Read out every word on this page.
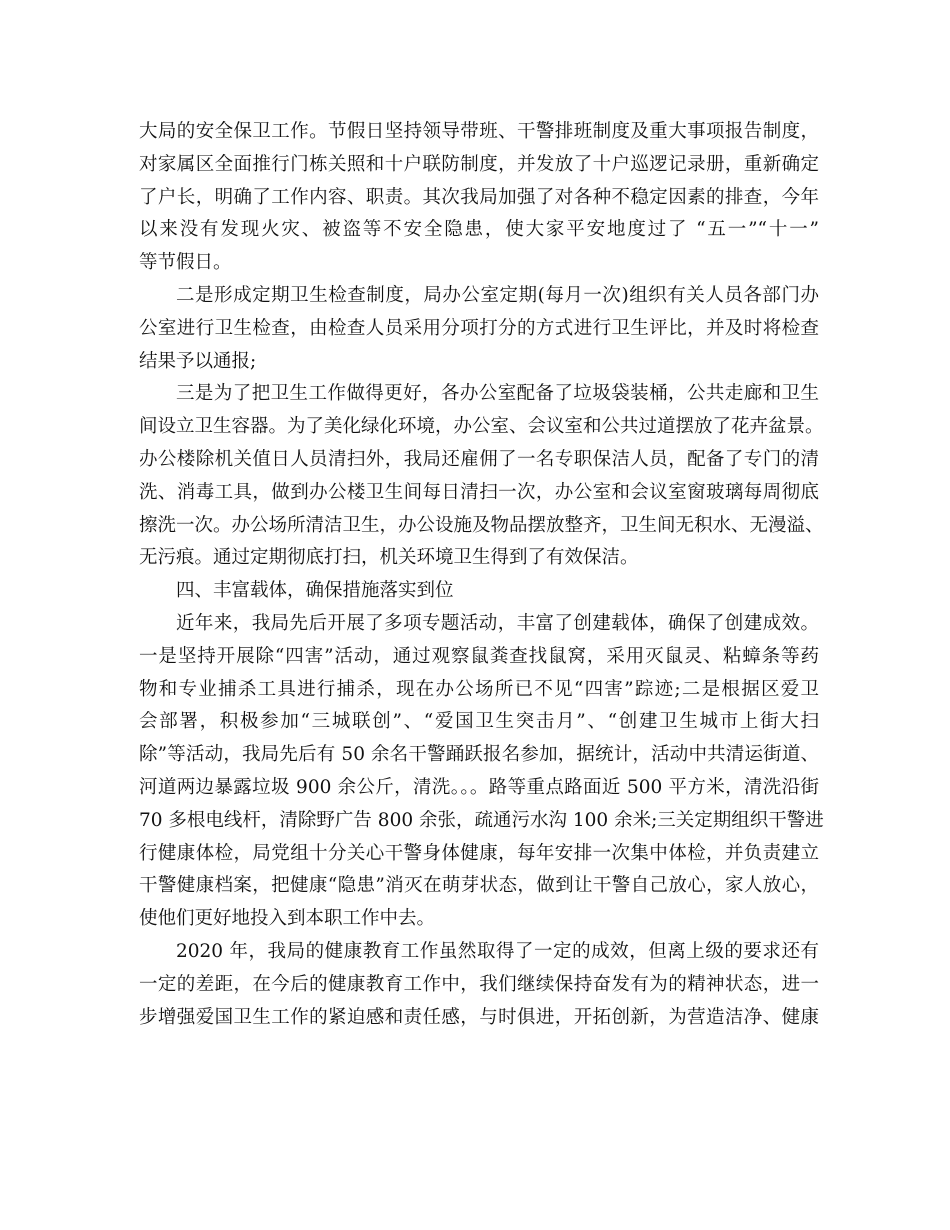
大局的安全保卫工作。节假日坚持领导带班、干警排班制度及重大事项报告制度，
对家属区全面推行门栋关照和十户联防制度，并发放了十户巡逻记录册，重新确定
了户长，明确了工作内容、职责。其次我局加强了对各种不稳定因素的排查，今年
以来没有发现火灾、被盗等不安全隐患，使大家平安地度过了 “五一”“十一”
等节假日。
二是形成定期卫生检查制度，局办公室定期(每月一次)组织有关人员各部门办
公室进行卫生检查，由检查人员采用分项打分的方式进行卫生评比，并及时将检查
结果予以通报;
三是为了把卫生工作做得更好，各办公室配备了垃圾袋装桶，公共走廊和卫生
间设立卫生容器。为了美化绿化环境，办公室、会议室和公共过道摆放了花卉盆景。
办公楼除机关值日人员清扫外，我局还雇佣了一名专职保洁人员，配备了专门的清
洗、消毒工具，做到办公楼卫生间每日清扫一次，办公室和会议室窗玻璃每周彻底
擦洗一次。办公场所清洁卫生，办公设施及物品摆放整齐，卫生间无积水、无漫溢、
无污痕。通过定期彻底打扫，机关环境卫生得到了有效保洁。
四、丰富载体，确保措施落实到位
近年来，我局先后开展了多项专题活动，丰富了创建载体，确保了创建成效。
一是坚持开展除“四害”活动，通过观察鼠粪查找鼠窝，采用灭鼠灵、粘蟑条等药
物和专业捕杀工具进行捕杀，现在办公场所已不见“四害”踪迹;二是根据区爱卫
会部署，积极参加“三城联创”、“爱国卫生突击月”、“创建卫生城市上街大扫
除”等活动，我局先后有 50 余名干警踊跃报名参加，据统计，活动中共清运街道、
河道两边暴露垃圾 900 余公斤，清洗。。。路等重点路面近 500 平方米，清洗沿街
70 多根电线杆，清除野广告 800 余张，疏通污水沟 100 余米;三关定期组织干警进
行健康体检，局党组十分关心干警身体健康，每年安排一次集中体检，并负责建立
干警健康档案，把健康“隐患”消灭在萌芽状态，做到让干警自己放心，家人放心，
使他们更好地投入到本职工作中去。
2020 年，我局的健康教育工作虽然取得了一定的成效，但离上级的要求还有
一定的差距，在今后的健康教育工作中，我们继续保持奋发有为的精神状态，进一
步增强爱国卫生工作的紧迫感和责任感，与时俱进，开拓创新，为营造洁净、健康
